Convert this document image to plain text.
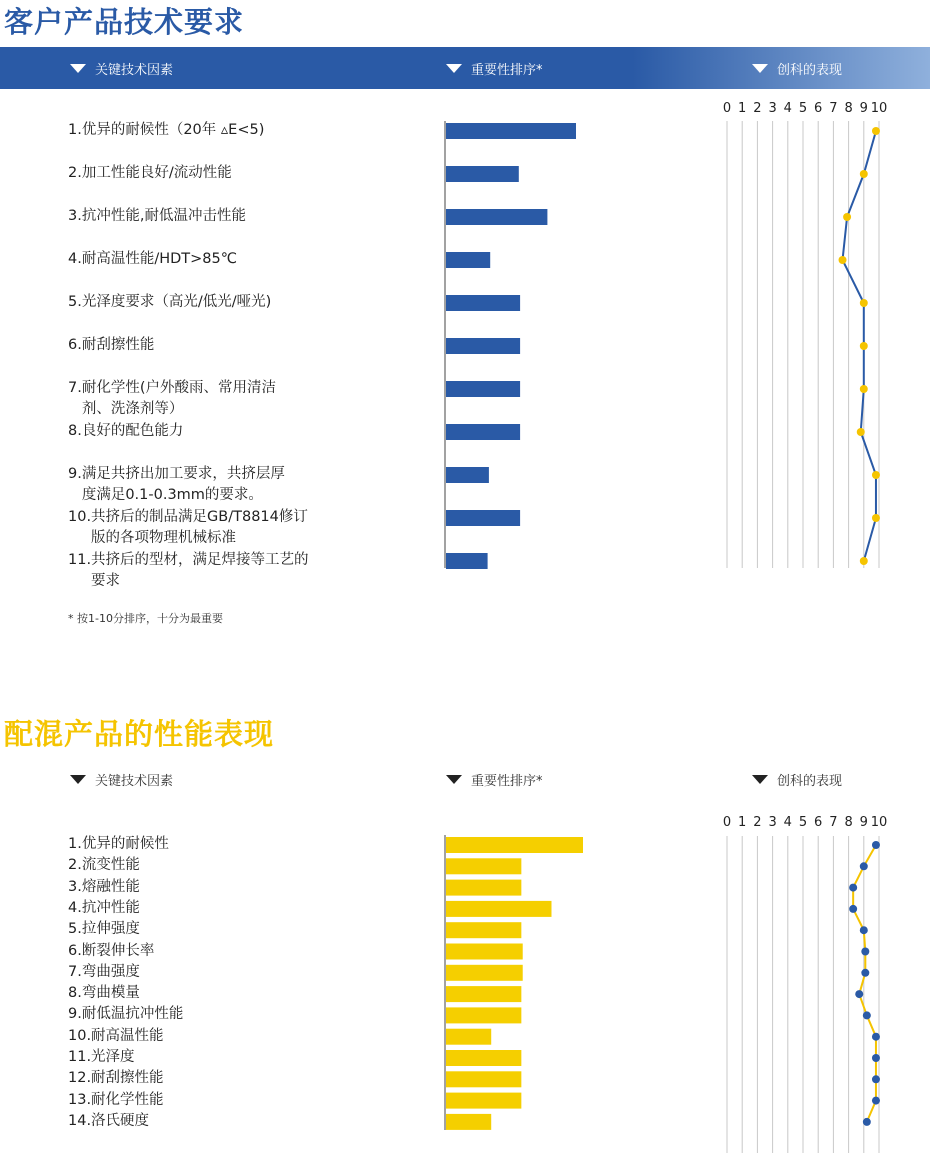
客户产品技术要求
关键技术因素	重要性排序*	创科的表现
1.优异的耐候性（20年 ▵E<5)
2.加工性能良好/流动性能
3.抗冲性能,耐低温冲击性能
4.耐高温性能/HDT>85℃
5.光泽度要求（高光/低光/哑光)
6.耐刮擦性能
7.耐化学性(户外酸雨、常用清洁
剂、洗涤剂等）
8.良好的配色能力
9.满足共挤出加工要求，共挤层厚
度满足0.1-0.3mm的要求。
10.共挤后的制品满足GB/T8814修订
版的各项物理机械标准
11.共挤后的型材，满足焊接等工艺的
要求
* 按1-10分排序，十分为最重要
配混产品的性能表现
关键技术因素	重要性排序*	创科的表现
1.优异的耐候性
2.流变性能
3.熔融性能
4.抗冲性能
5.拉伸强度
6.断裂伸长率
7.弯曲强度
8.弯曲模量
9.耐低温抗冲性能
10.耐高温性能
11.光泽度
12.耐刮擦性能
13.耐化学性能
14.洛氏硬度
0 1 2 3 4 5 6 7 8 9 10
0 1 2 3 4 5 6 7 8 9 10
